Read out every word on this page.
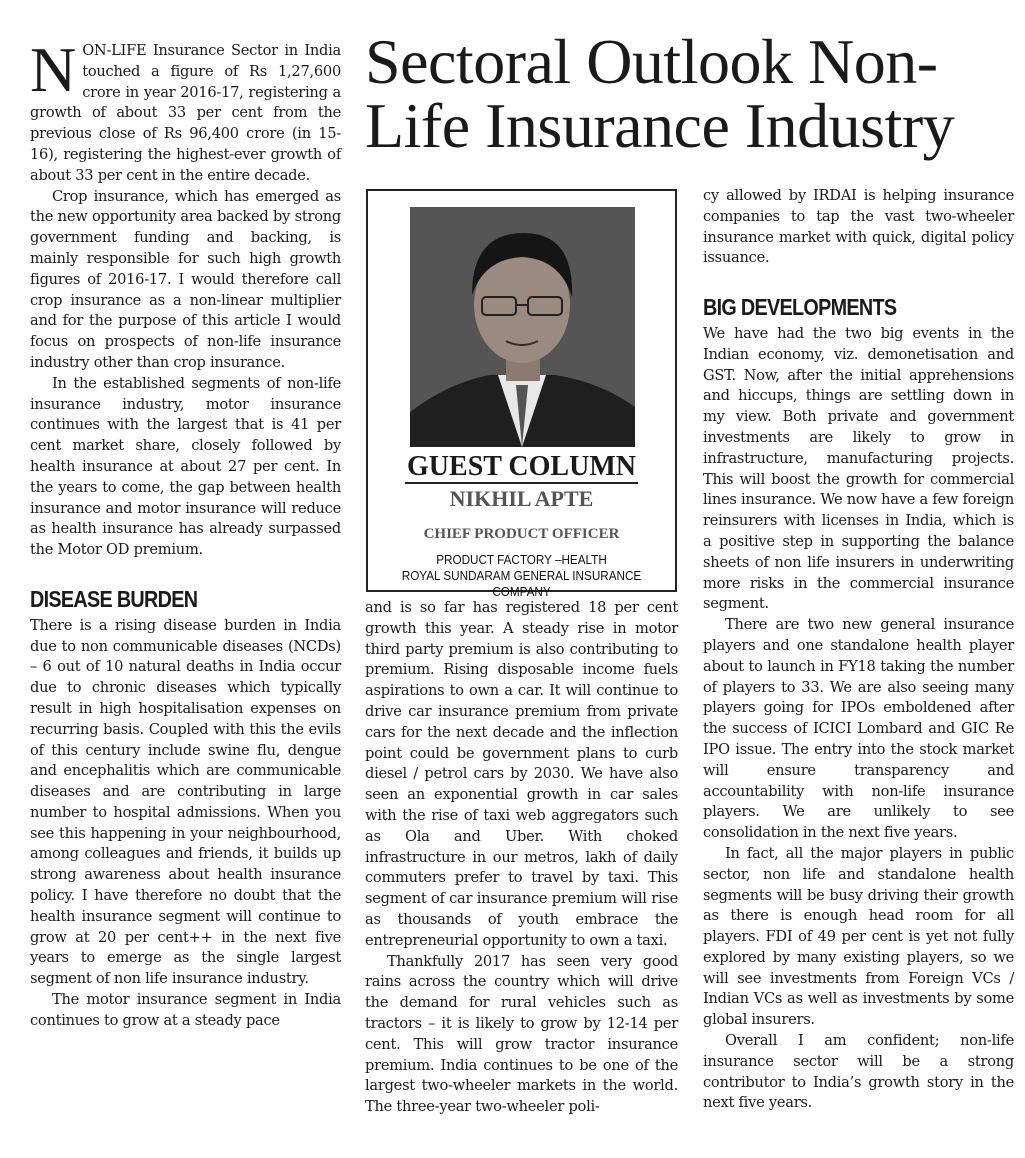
Sectoral Outlook Non-
Life Insurance Industry

NON-LIFE Insurance Sector in India touched a figure of Rs 1,27,600 crore in year 2016-17, registering a growth of about 33 per cent from the previous close of Rs 96,400 crore (in 15-16), registering the highest-ever growth of about 33 per cent in the entire decade.

Crop insurance, which has emerged as the new opportunity area backed by strong government funding and backing, is mainly responsible for such high growth figures of 2016-17. I would therefore call crop insurance as a non-linear multiplier and for the purpose of this article I would focus on prospects of non-life insurance industry other than crop insurance.

In the established segments of non-life insurance industry, motor insurance continues with the largest that is 41 per cent market share, closely followed by health insurance at about 27 per cent. In the years to come, the gap between health insurance and motor insurance will reduce as health insurance has already surpassed the Motor OD premium.

DISEASE BURDEN

There is a rising disease burden in India due to non communicable diseases (NCDs) – 6 out of 10 natural deaths in India occur due to chronic diseases which typically result in high hospitalisation expenses on recurring basis. Coupled with this the evils of this century include swine flu, dengue and encephalitis which are communicable diseases and are contributing in large number to hospital admissions. When you see this happening in your neighbourhood, among colleagues and friends, it builds up strong awareness about health insurance policy. I have therefore no doubt that the health insurance segment will continue to grow at 20 per cent++ in the next five years to emerge as the single largest segment of non life insurance industry.

The motor insurance segment in India continues to grow at a steady pace

GUEST COLUMN
NIKHIL APTE
CHIEF PRODUCT OFFICER
PRODUCT FACTORY –HEALTH
ROYAL SUNDARAM GENERAL INSURANCE COMPANY

and is so far has registered 18 per cent growth this year. A steady rise in motor third party premium is also contributing to premium. Rising disposable income fuels aspirations to own a car. It will continue to drive car insurance premium from private cars for the next decade and the inflection point could be government plans to curb diesel / petrol cars by 2030. We have also seen an exponential growth in car sales with the rise of taxi web aggregators such as Ola and Uber. With choked infrastructure in our metros, lakh of daily commuters prefer to travel by taxi. This segment of car insurance premium will rise as thousands of youth embrace the entrepreneurial opportunity to own a taxi.

Thankfully 2017 has seen very good rains across the country which will drive the demand for rural vehicles such as tractors – it is likely to grow by 12-14 per cent. This will grow tractor insurance premium. India continues to be one of the largest two-wheeler markets in the world. The three-year two-wheeler poli-

cy allowed by IRDAI is helping insurance companies to tap the vast two-wheeler insurance market with quick, digital policy issuance.

BIG DEVELOPMENTS

We have had the two big events in the Indian economy, viz. demonetisation and GST. Now, after the initial apprehensions and hiccups, things are settling down in my view. Both private and government investments are likely to grow in infrastructure, manufacturing projects. This will boost the growth for commercial lines insurance. We now have a few foreign reinsurers with licenses in India, which is a positive step in supporting the balance sheets of non life insurers in underwriting more risks in the commercial insurance segment.

There are two new general insurance players and one standalone health player about to launch in FY18 taking the number of players to 33. We are also seeing many players going for IPOs emboldened after the success of ICICI Lombard and GIC Re IPO issue. The entry into the stock market will ensure transparency and accountability with non-life insurance players. We are unlikely to see consolidation in the next five years.

In fact, all the major players in public sector, non life and standalone health segments will be busy driving their growth as there is enough head room for all players. FDI of 49 per cent is yet not fully explored by many existing players, so we will see investments from Foreign VCs / Indian VCs as well as investments by some global insurers.

Overall I am confident; non-life insurance sector will be a strong contributor to India’s growth story in the next five years.
